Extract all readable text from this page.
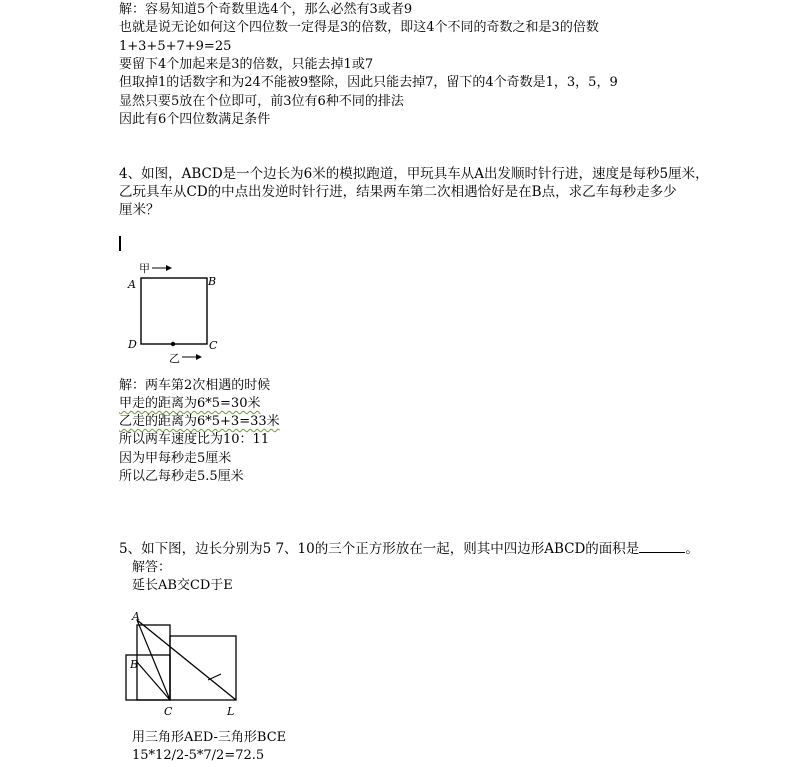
解：容易知道5个奇数里选4个，那么必然有3或者9
也就是说无论如何这个四位数一定得是3的倍数，即这4个不同的奇数之和是3的倍数
1+3+5+7+9=25
要留下4个加起来是3的倍数，只能去掉1或7
但取掉1的话数字和为24不能被9整除，因此只能去掉7，留下的4个奇数是1，3，5，9
显然只要5放在个位即可，前3位有6种不同的排法
因此有6个四位数满足条件
4、如图，ABCD是一个边长为6米的模拟跑道，甲玩具车从A出发顺时针行进，速度是每秒5厘米，
乙玩具车从CD的中点出发逆时针行进，结果两车第二次相遇恰好是在B点，求乙车每秒走多少
厘米？
甲
A	B
D	C
乙
解：两车第2次相遇的时候
甲走的距离为6*5=30米
乙走的距离为6*5+3=33米
所以两车速度比为10：11
因为甲每秒走5厘米
所以乙每秒走5.5厘米
5、如下图，边长分别为5 7、10的三个正方形放在一起，则其中四边形ABCD的面积是	。
解答：
延长AB交CD于E
A
B
C	L
用三角形AED-三角形BCE
15*12/2-5*7/2=72.5
